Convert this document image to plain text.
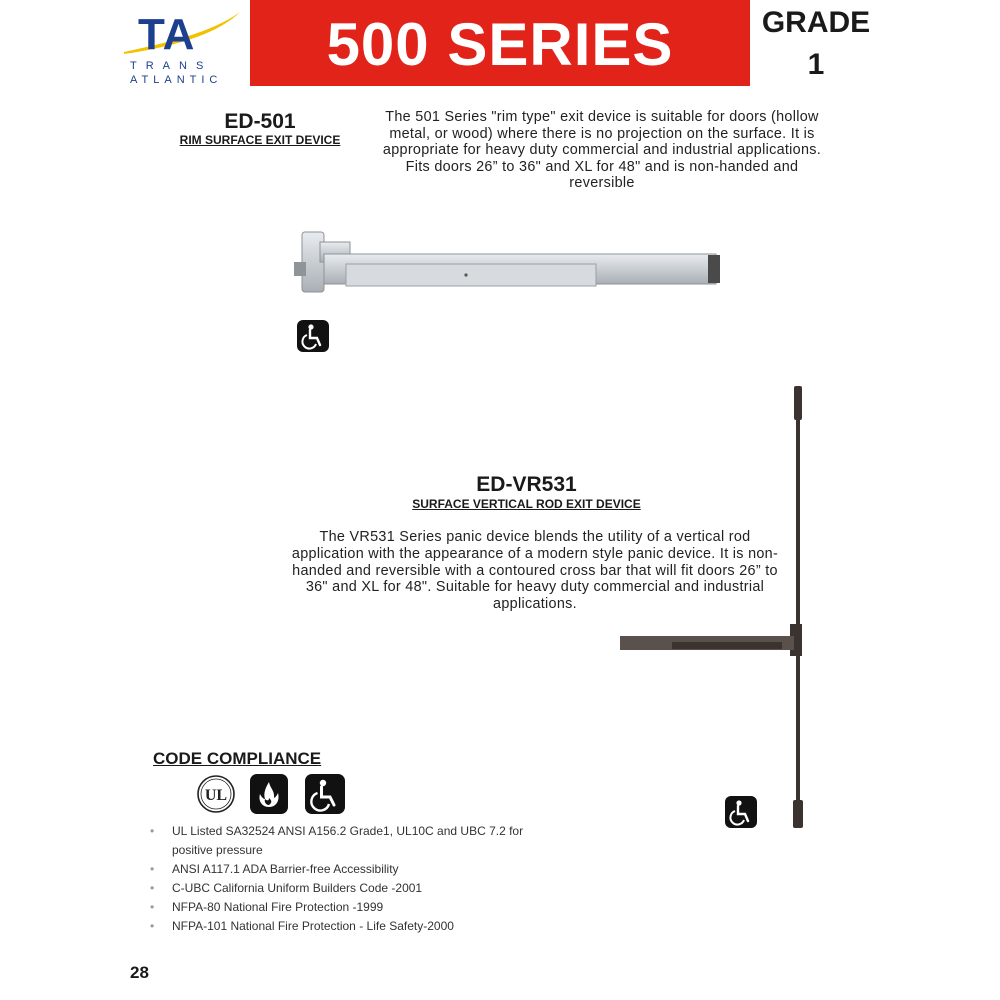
TA
TRANS
ATLANTIC
500 SERIES	GRADE
1
ED-501
RIM SURFACE EXIT DEVICE
The 501 Series "rim type" exit device is suitable for doors (hollow metal, or wood) where there is no projection on the surface. It is appropriate for heavy duty commercial and industrial applications. Fits doors 26” to 36" and XL for 48" and is non-handed and reversible
ED-VR531
SURFACE VERTICAL ROD EXIT DEVICE
The VR531 Series panic device blends the utility of a vertical rod application with the appearance of a modern style panic device. It is non-handed and reversible with a contoured cross bar that will fit doors 26” to 36" and XL for 48". Suitable for heavy duty commercial and industrial applications.
CODE COMPLIANCE
UL
• UL Listed SA32524 ANSI A156.2 Grade1, UL10C and UBC 7.2 for positive pressure
• ANSI A117.1 ADA Barrier-free Accessibility
• C-UBC California Uniform Builders Code -2001
• NFPA-80 National Fire Protection -1999
• NFPA-101 National Fire Protection - Life Safety-2000
28
